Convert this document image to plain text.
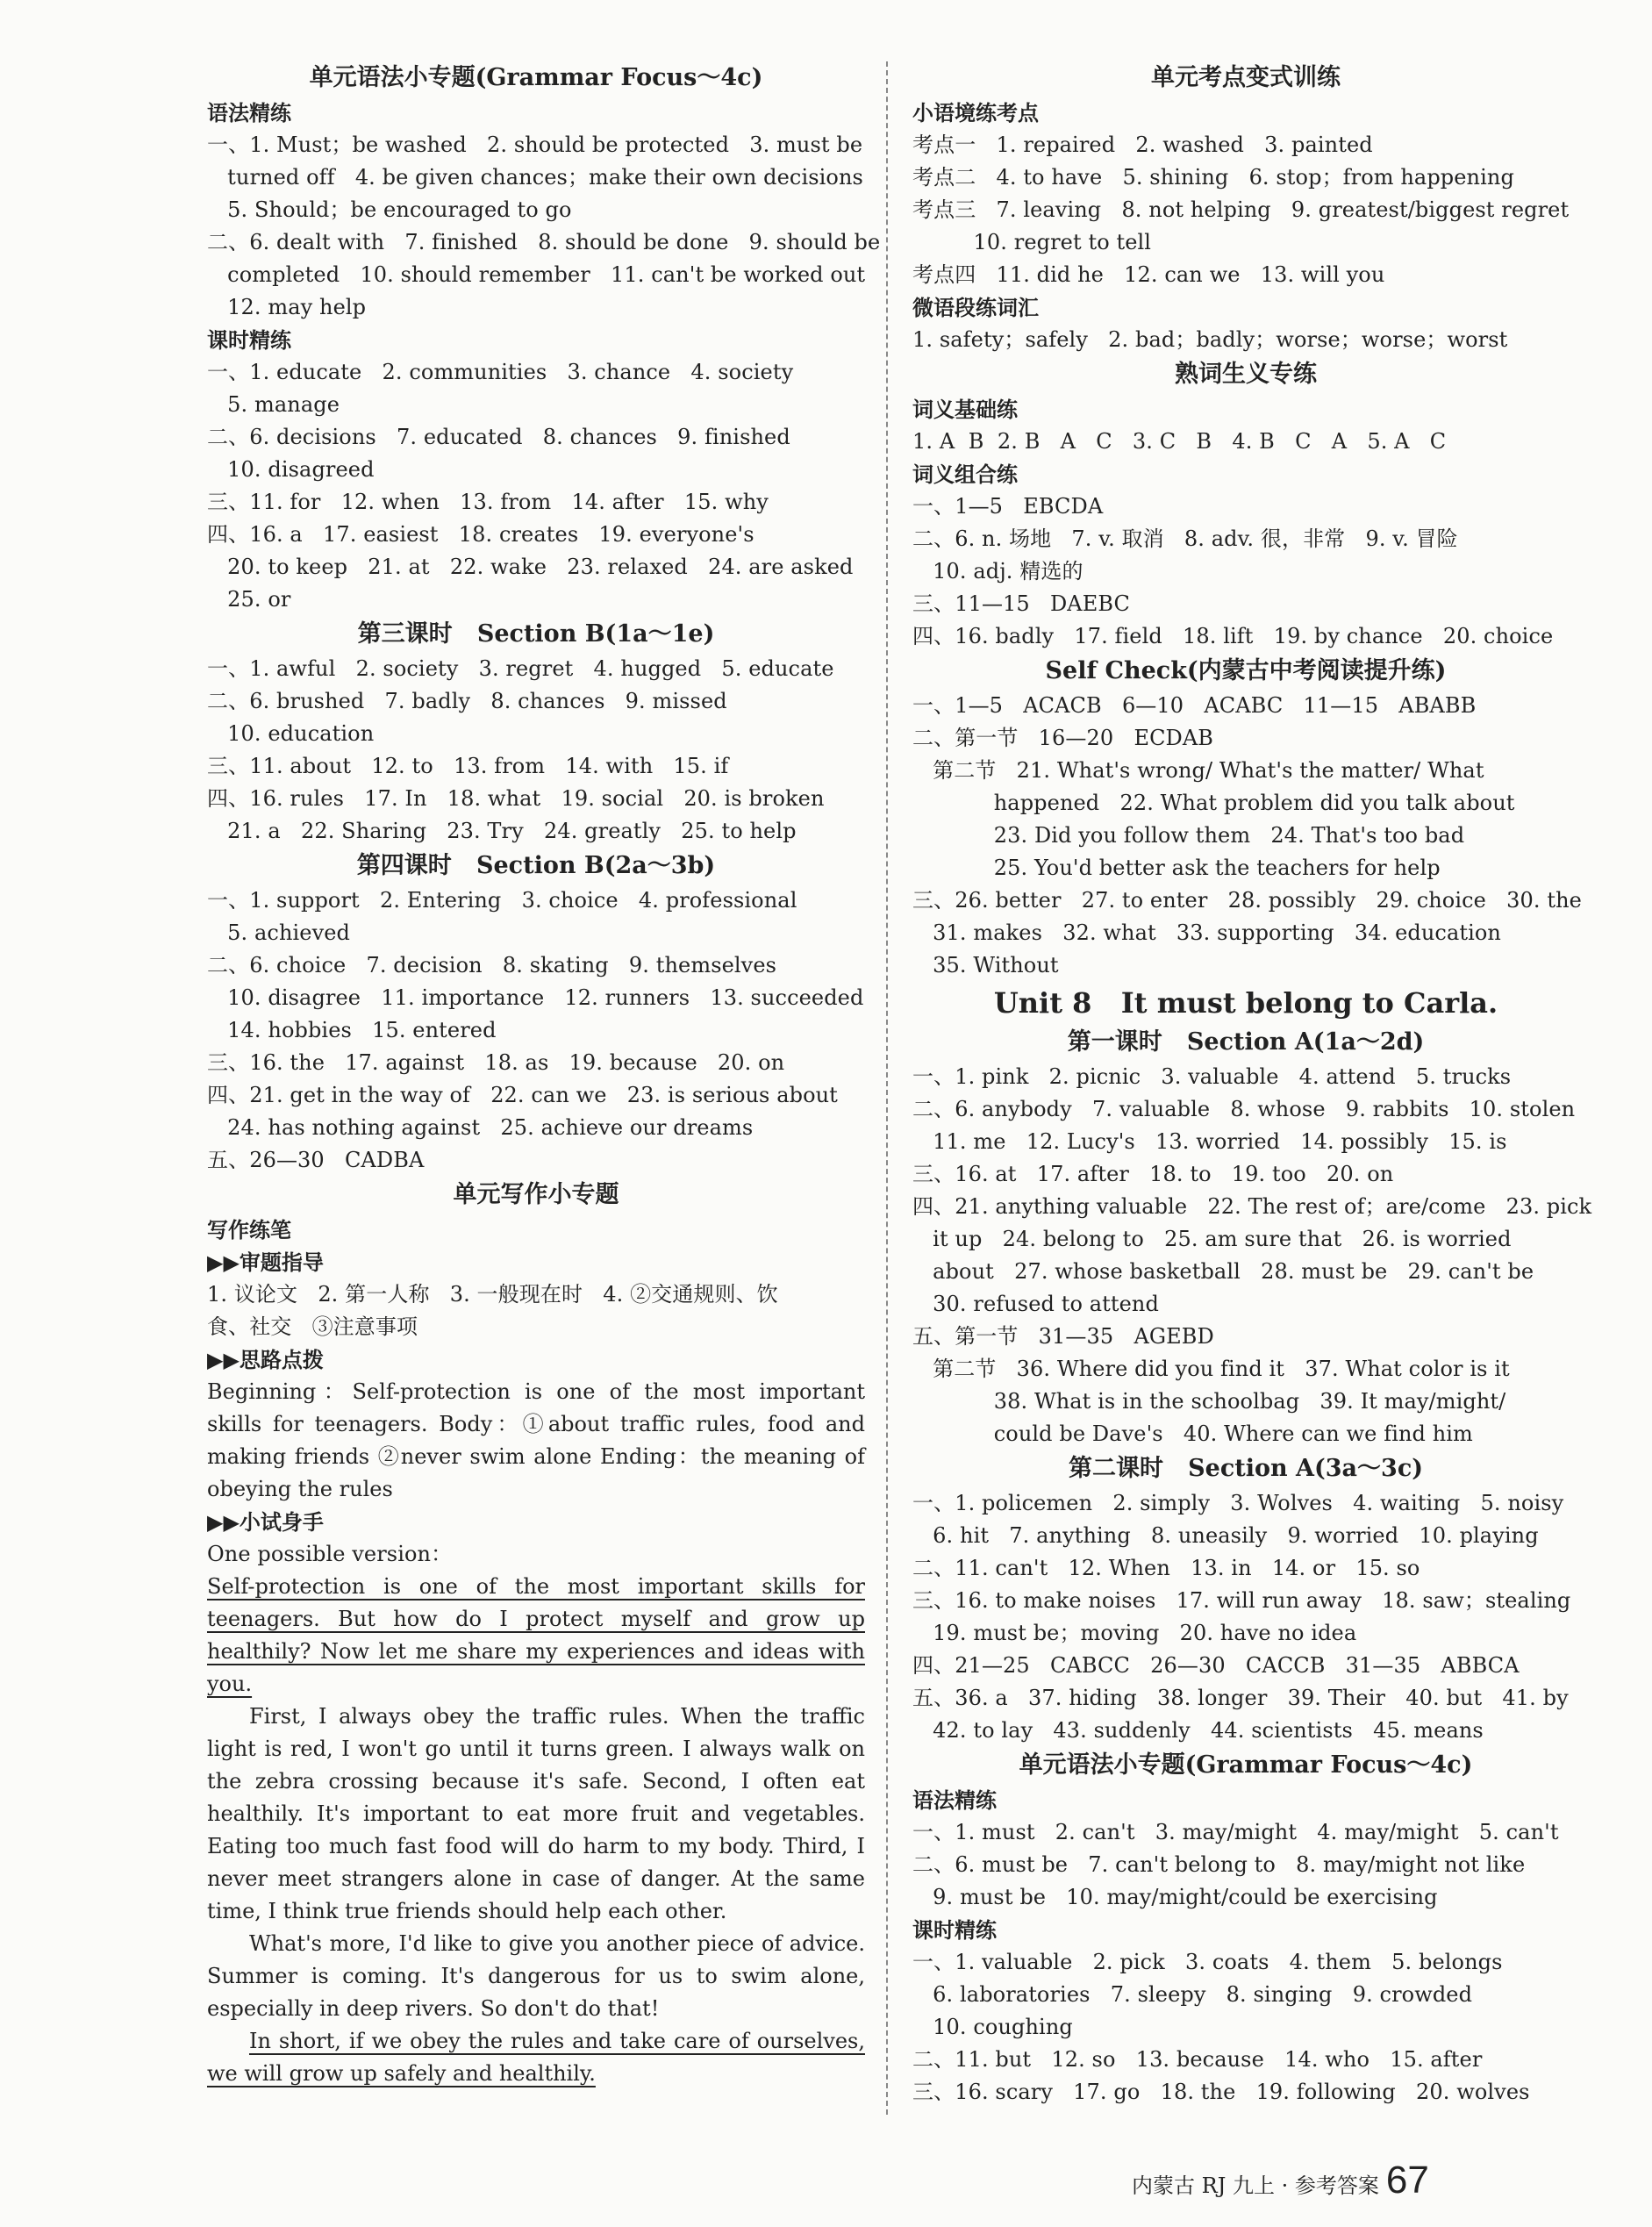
单元语法小专题(Grammar Focus～4c)
语法精练
一、1. Must；be washed   2. should be protected   3. must be
turned off   4. be given chances；make their own decisions
5. Should；be encouraged to go
二、6. dealt with   7. finished   8. should be done   9. should be
completed   10. should remember   11. can't be worked out
12. may help
课时精练
一、1. educate   2. communities   3. chance   4. society
5. manage
二、6. decisions   7. educated   8. chances   9. finished
10. disagreed
三、11. for   12. when   13. from   14. after   15. why
四、16. a   17. easiest   18. creates   19. everyone's
20. to keep   21. at   22. wake   23. relaxed   24. are asked
25. or
第三课时   Section B(1a～1e)
一、1. awful   2. society   3. regret   4. hugged   5. educate
二、6. brushed   7. badly   8. chances   9. missed
10. education
三、11. about   12. to   13. from   14. with   15. if
四、16. rules   17. In   18. what   19. social   20. is broken
21. a   22. Sharing   23. Try   24. greatly   25. to help
第四课时   Section B(2a～3b)
一、1. support   2. Entering   3. choice   4. professional
5. achieved
二、6. choice   7. decision   8. skating   9. themselves
10. disagree   11. importance   12. runners   13. succeeded
14. hobbies   15. entered
三、16. the   17. against   18. as   19. because   20. on
四、21. get in the way of   22. can we   23. is serious about
24. has nothing against   25. achieve our dreams
五、26—30   CADBA
单元写作小专题
写作练笔
▶▶审题指导
1. 议论文   2. 第一人称   3. 一般现在时   4. ②交通规则、饮
食、社交   ③注意事项
▶▶思路点拨

Beginning：Self-protection is one of the most important skills for teenagers. Body：①about traffic rules, food and making friends ②never swim alone Ending：the meaning of obeying the rules

▶▶小试身手
One possible version：

Self-protection is one of the most important skills for teenagers. But how do I protect myself and grow up healthily? Now let me share my experiences and ideas with you.

First, I always obey the traffic rules. When the traffic light is red, I won't go until it turns green. I always walk on the zebra crossing because it's safe. Second, I often eat healthily. It's important to eat more fruit and vegetables. Eating too much fast food will do harm to my body. Third, I never meet strangers alone in case of danger. At the same time, I think true friends should help each other.

What's more, I'd like to give you another piece of advice. Summer is coming. It's dangerous for us to swim alone, especially in deep rivers. So don't do that!

In short, if we obey the rules and take care of ourselves, we will grow up safely and healthily.

单元考点变式训练
小语境练考点
考点一   1. repaired   2. washed   3. painted
考点二   4. to have   5. shining   6. stop；from happening
考点三   7. leaving   8. not helping   9. greatest/biggest regret
10. regret to tell
考点四   11. did he   12. can we   13. will you
微语段练词汇
1. safety；safely   2. bad；badly；worse；worse；worst
熟词生义专练
词义基础练
1. A  B  2. B   A   C   3. C   B   4. B   C   A   5. A   C
词义组合练
一、1—5   EBCDA
二、6. n. 场地   7. v. 取消   8. adv. 很，非常   9. v. 冒险
10. adj. 精选的
三、11—15   DAEBC
四、16. badly   17. field   18. lift   19. by chance   20. choice
Self Check(内蒙古中考阅读提升练)
一、1—5   ACACB   6—10   ACABC   11—15   ABABB
二、第一节   16—20   ECDAB
第二节   21. What's wrong/ What's the matter/ What
happened   22. What problem did you talk about
23. Did you follow them   24. That's too bad
25. You'd better ask the teachers for help
三、26. better   27. to enter   28. possibly   29. choice   30. the
31. makes   32. what   33. supporting   34. education
35. Without
Unit 8   It must belong to Carla.
第一课时   Section A(1a～2d)
一、1. pink   2. picnic   3. valuable   4. attend   5. trucks
二、6. anybody   7. valuable   8. whose   9. rabbits   10. stolen
11. me   12. Lucy's   13. worried   14. possibly   15. is
三、16. at   17. after   18. to   19. too   20. on
四、21. anything valuable   22. The rest of；are/come   23. pick
it up   24. belong to   25. am sure that   26. is worried
about   27. whose basketball   28. must be   29. can't be
30. refused to attend
五、第一节   31—35   AGEBD
第二节   36. Where did you find it   37. What color is it
38. What is in the schoolbag   39. It may/might/
could be Dave's   40. Where can we find him
第二课时   Section A(3a～3c)
一、1. policemen   2. simply   3. Wolves   4. waiting   5. noisy
6. hit   7. anything   8. uneasily   9. worried   10. playing
二、11. can't   12. When   13. in   14. or   15. so
三、16. to make noises   17. will run away   18. saw；stealing
19. must be；moving   20. have no idea
四、21—25   CABCC   26—30   CACCB   31—35   ABBCA
五、36. a   37. hiding   38. longer   39. Their   40. but   41. by
42. to lay   43. suddenly   44. scientists   45. means
单元语法小专题(Grammar Focus～4c)
语法精练
一、1. must   2. can't   3. may/might   4. may/might   5. can't
二、6. must be   7. can't belong to   8. may/might not like
9. must be   10. may/might/could be exercising
课时精练
一、1. valuable   2. pick   3. coats   4. them   5. belongs
6. laboratories   7. sleepy   8. singing   9. crowded
10. coughing
二、11. but   12. so   13. because   14. who   15. after
三、16. scary   17. go   18. the   19. following   20. wolves
内蒙古 RJ 九上 · 参考答案 67
